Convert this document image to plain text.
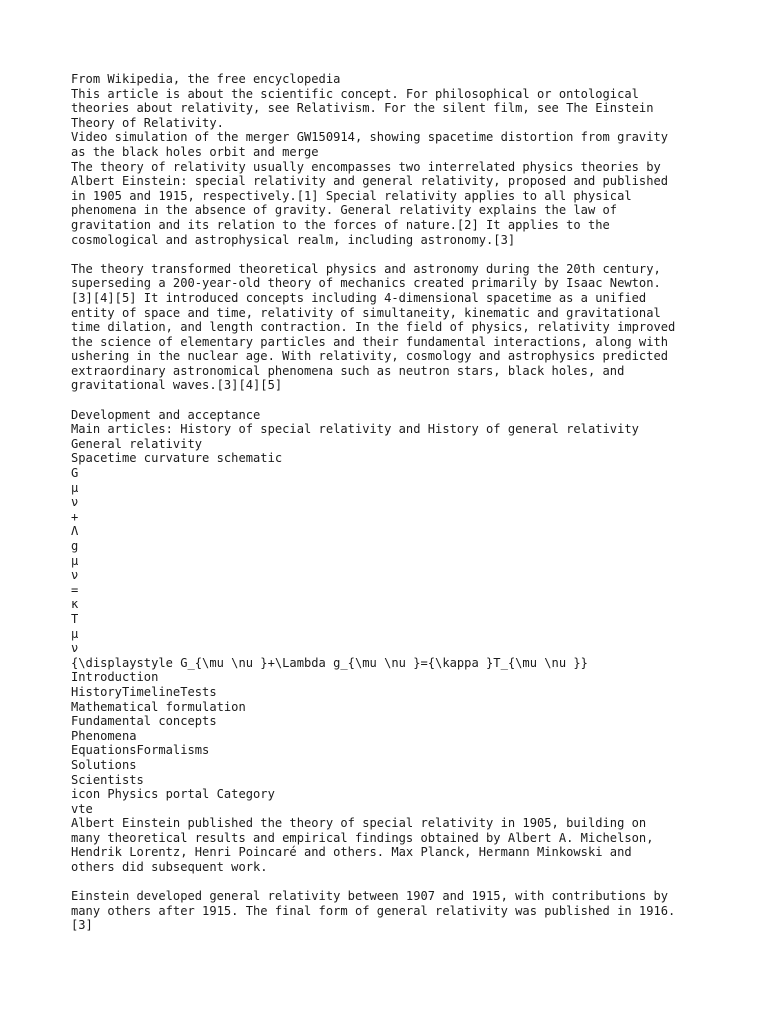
From Wikipedia, the free encyclopedia
This article is about the scientific concept. For philosophical or ontological
theories about relativity, see Relativism. For the silent film, see The Einstein
Theory of Relativity.
Video simulation of the merger GW150914, showing spacetime distortion from gravity
as the black holes orbit and merge
The theory of relativity usually encompasses two interrelated physics theories by
Albert Einstein: special relativity and general relativity, proposed and published
in 1905 and 1915, respectively.[1] Special relativity applies to all physical
phenomena in the absence of gravity. General relativity explains the law of
gravitation and its relation to the forces of nature.[2] It applies to the
cosmological and astrophysical realm, including astronomy.[3]

The theory transformed theoretical physics and astronomy during the 20th century,
superseding a 200-year-old theory of mechanics created primarily by Isaac Newton.
[3][4][5] It introduced concepts including 4-dimensional spacetime as a unified
entity of space and time, relativity of simultaneity, kinematic and gravitational
time dilation, and length contraction. In the field of physics, relativity improved
the science of elementary particles and their fundamental interactions, along with
ushering in the nuclear age. With relativity, cosmology and astrophysics predicted
extraordinary astronomical phenomena such as neutron stars, black holes, and
gravitational waves.[3][4][5]

Development and acceptance
Main articles: History of special relativity and History of general relativity
General relativity
Spacetime curvature schematic
G
μ
ν
+
Λ
g
μ
ν
=
κ
T
μ
ν
{\displaystyle G_{\mu \nu }+\Lambda g_{\mu \nu }={\kappa }T_{\mu \nu }}
Introduction
HistoryTimelineTests
Mathematical formulation
Fundamental concepts
Phenomena
EquationsFormalisms
Solutions
Scientists
icon Physics portal Category
vte
Albert Einstein published the theory of special relativity in 1905, building on
many theoretical results and empirical findings obtained by Albert A. Michelson,
Hendrik Lorentz, Henri Poincaré and others. Max Planck, Hermann Minkowski and
others did subsequent work.

Einstein developed general relativity between 1907 and 1915, with contributions by
many others after 1915. The final form of general relativity was published in 1916.
[3]
